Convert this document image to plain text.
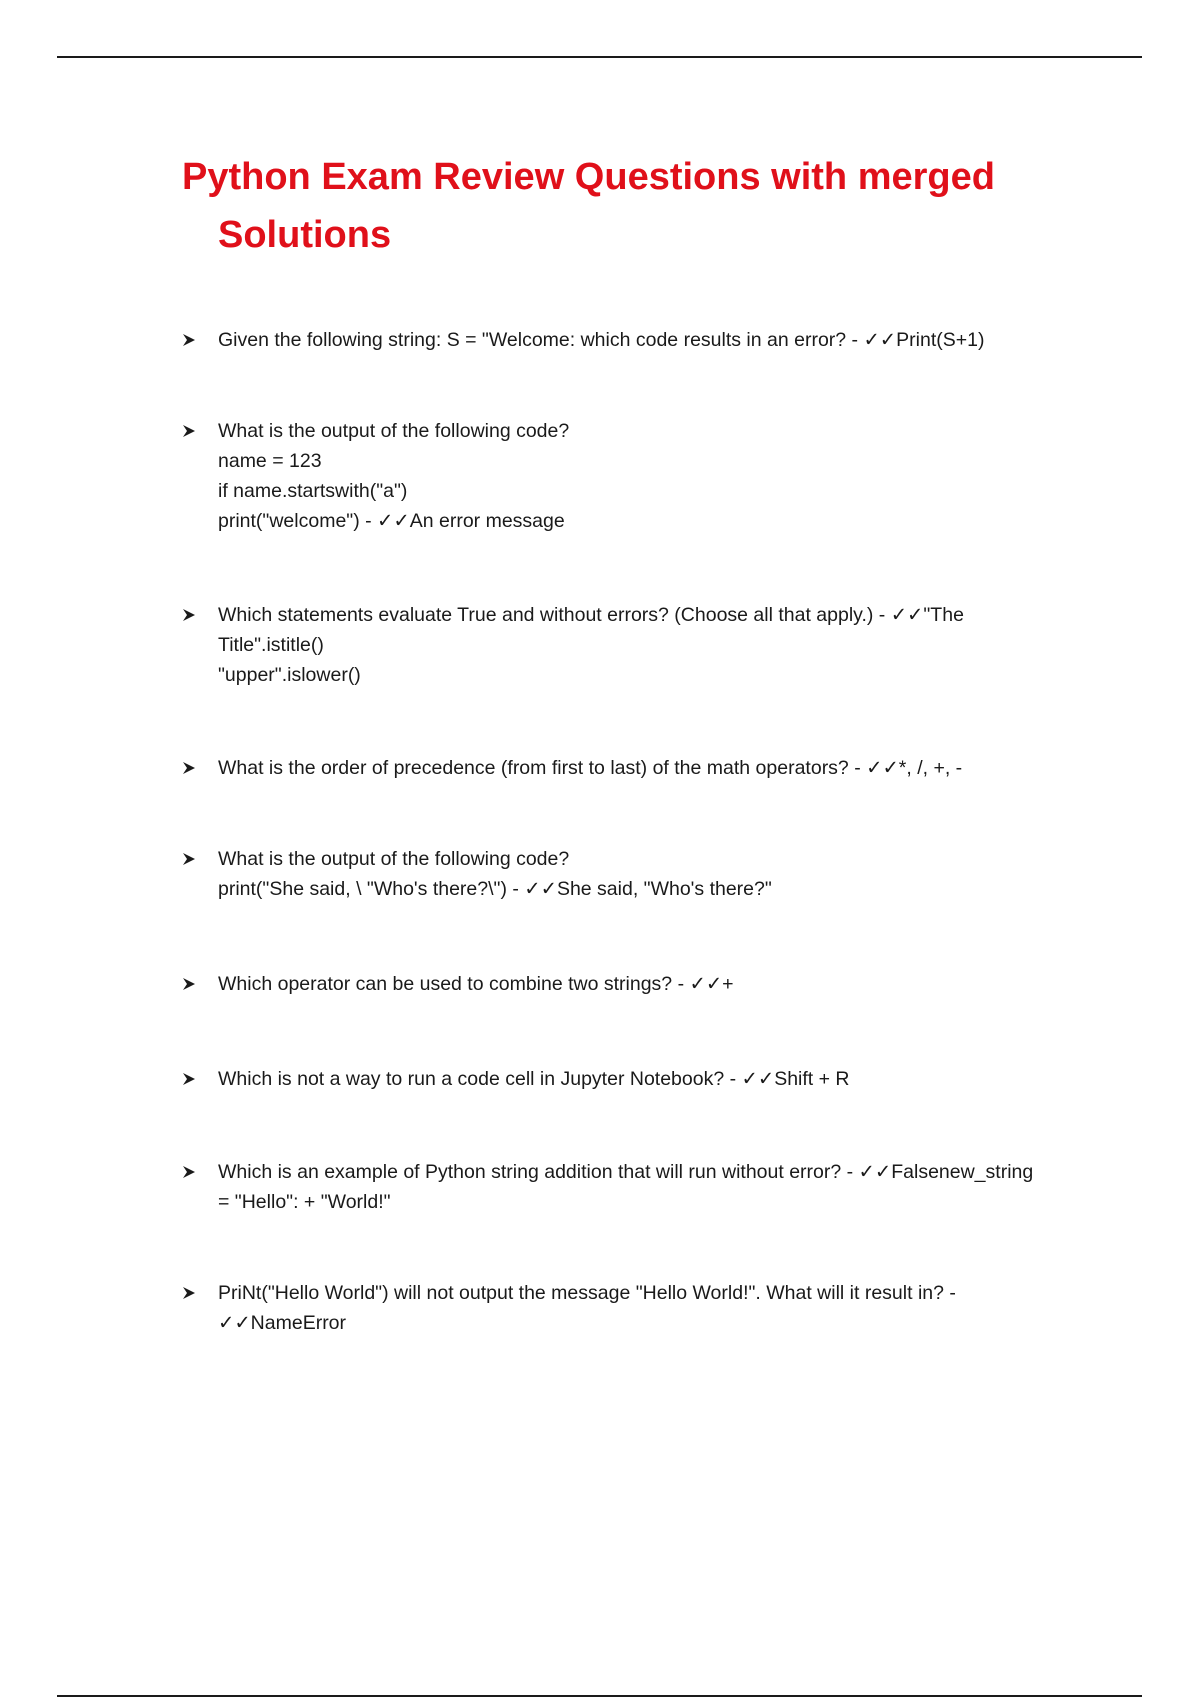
Python Exam Review Questions with merged
Solutions
Given the following string: S = "Welcome: which code results in an error? - ✓✓Print(S+1)
What is the output of the following code?
name = 123
if name.startswith("a")
print("welcome") - ✓✓An error message
Which statements evaluate True and without errors? (Choose all that apply.) - ✓✓"The
Title".istitle()
"upper".islower()
What is the order of precedence (from first to last) of the math operators? - ✓✓*, /, +, -
What is the output of the following code?
print("She said, \ "Who's there?\") - ✓✓She said, "Who's there?"
Which operator can be used to combine two strings? - ✓✓+
Which is not a way to run a code cell in Jupyter Notebook? - ✓✓Shift + R
Which is an example of Python string addition that will run without error? - ✓✓Falsenew_string
= "Hello": + "World!"
PriNt("Hello World") will not output the message "Hello World!". What will it result in? -
✓✓NameError
